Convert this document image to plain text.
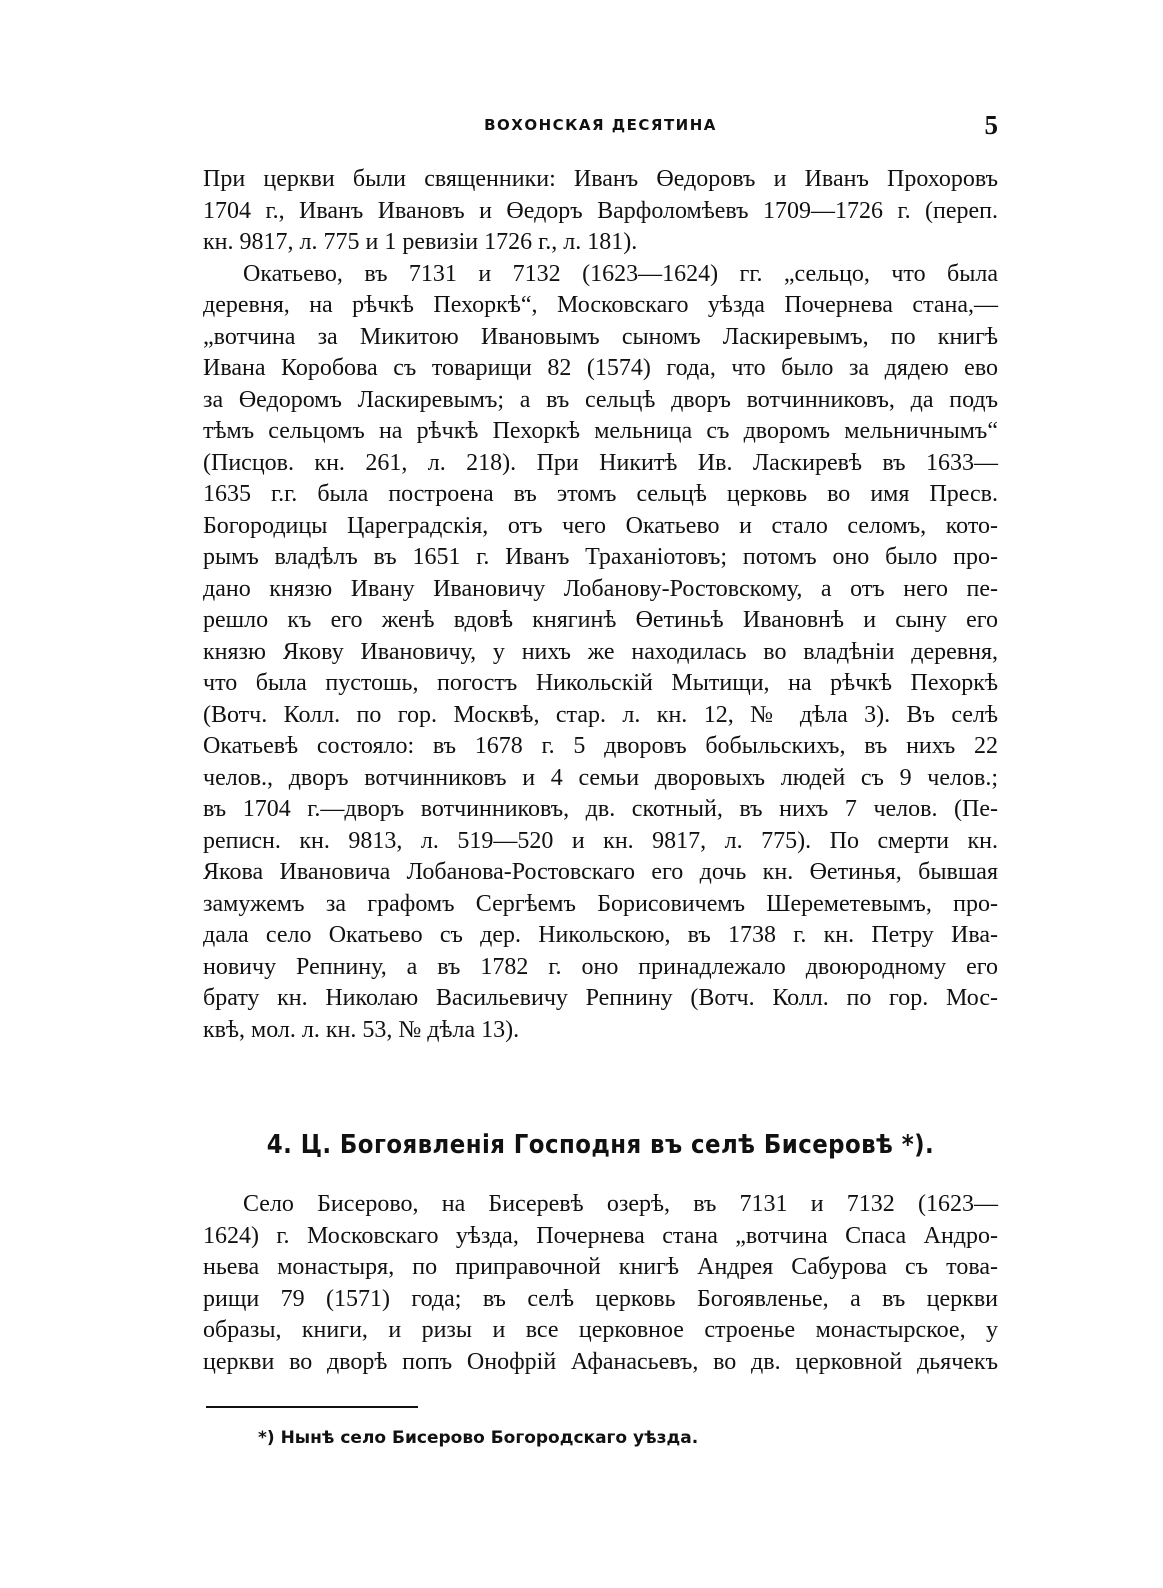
ВОХОНСКАЯ ДЕСЯТИНА	5
При церкви были священники: Иванъ Өедоровъ и Иванъ Прохоровъ
1704 г., Иванъ Ивановъ и Өедоръ Варфоломѣевъ 1709—1726 г. (переп.
кн. 9817, л. 775 и 1 ревизіи 1726 г., л. 181).
Окатьево, въ 7131 и 7132 (1623—1624) гг. „сельцо, что была
деревня, на рѣчкѣ Пехоркѣ“, Московскаго уѣзда Почернева стана,—
„вотчина за Микитою Ивановымъ сыномъ Ласкиревымъ, по книгѣ
Ивана Коробова съ товарищи 82 (1574) года, что было за дядею ево
за Өедоромъ Ласкиревымъ; а въ сельцѣ дворъ вотчинниковъ, да подъ
тѣмъ сельцомъ на рѣчкѣ Пехоркѣ мельница съ дворомъ мельничнымъ“
(Писцов. кн. 261, л. 218). При Никитѣ Ив. Ласкиревѣ въ 1633—
1635 г.г. была построена въ этомъ сельцѣ церковь во имя Пресв.
Богородицы Цареградскія, отъ чего Окатьево и стало селомъ, кото-
рымъ владѣлъ въ 1651 г. Иванъ Траханіотовъ; потомъ оно было про-
дано князю Ивану Ивановичу Лобанову-Ростовскому, а отъ него пе-
решло къ его женѣ вдовѣ княгинѣ Өетиньѣ Ивановнѣ и сыну его
князю Якову Ивановичу, у нихъ же находилась во владѣніи деревня,
что была пустошь, погостъ Никольскій Мытищи, на рѣчкѣ Пехоркѣ
(Вотч. Колл. по гор. Москвѣ, стар. л. кн. 12, № дѣла 3). Въ селѣ
Окатьевѣ состояло: въ 1678 г. 5 дворовъ бобыльскихъ, въ нихъ 22
челов., дворъ вотчинниковъ и 4 семьи дворовыхъ людей съ 9 челов.;
въ 1704 г.—дворъ вотчинниковъ, дв. скотный, въ нихъ 7 челов. (Пе-
реписн. кн. 9813, л. 519—520 и кн. 9817, л. 775). По смерти кн.
Якова Ивановича Лобанова-Ростовскаго его дочь кн. Өетинья, бывшая
замужемъ за графомъ Сергѣемъ Борисовичемъ Шереметевымъ, про-
дала село Окатьево съ дер. Никольскою, въ 1738 г. кн. Петру Ива-
новичу Репнину, а въ 1782 г. оно принадлежало двоюродному его
брату кн. Николаю Васильевичу Репнину (Вотч. Колл. по гор. Мос-
квѣ, мол. л. кн. 53, № дѣла 13).
4. Ц. Богоявленія Господня въ селѣ Бисеровѣ *).
Село Бисерово, на Бисеревѣ озерѣ, въ 7131 и 7132 (1623—
1624) г. Московскаго уѣзда, Почернева стана „вотчина Спаса Андро-
ньева монастыря, по приправочной книгѣ Андрея Сабурова съ това-
рищи 79 (1571) года; въ селѣ церковь Богоявленье, а въ церкви
образы, книги, и ризы и все церковное строенье монастырское, у
церкви во дворѣ попъ Онофрій Афанасьевъ, во дв. церковной дьячекъ
*) Нынѣ село Бисерово Богородскаго уѣзда.
